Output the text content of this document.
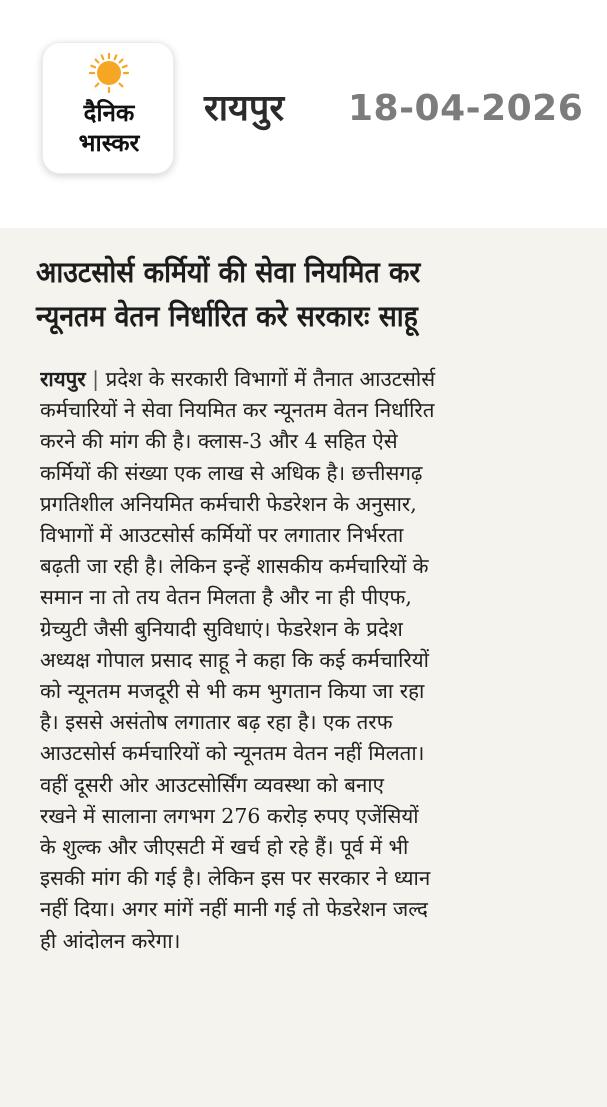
दैनिक
भास्कर
रायपुर 18-04-2026
आउटसोर्स कर्मियों की सेवा नियमित कर
न्यूनतम वेतन निर्धारित करे सरकारः साहू
रायपुर | प्रदेश के सरकारी विभागों में तैनात आउटसोर्स
कर्मचारियों ने सेवा नियमित कर न्यूनतम वेतन निर्धारित
करने की मांग की है। क्लास-3 और 4 सहित ऐसे
कर्मियों की संख्या एक लाख से अधिक है। छत्तीसगढ़
प्रगतिशील अनियमित कर्मचारी फेडरेशन के अनुसार,
विभागों में आउटसोर्स कर्मियों पर लगातार निर्भरता
बढ़ती जा रही है। लेकिन इन्हें शासकीय कर्मचारियों के
समान ना तो तय वेतन मिलता है और ना ही पीएफ,
ग्रेच्युटी जैसी बुनियादी सुविधाएं। फेडरेशन के प्रदेश
अध्यक्ष गोपाल प्रसाद साहू ने कहा कि कई कर्मचारियों
को न्यूनतम मजदूरी से भी कम भुगतान किया जा रहा
है। इससे असंतोष लगातार बढ़ रहा है। एक तरफ
आउटसोर्स कर्मचारियों को न्यूनतम वेतन नहीं मिलता।
वहीं दूसरी ओर आउटसोर्सिंग व्यवस्था को बनाए
रखने में सालाना लगभग 276 करोड़ रुपए एजेंसियों
के शुल्क और जीएसटी में खर्च हो रहे हैं। पूर्व में भी
इसकी मांग की गई है। लेकिन इस पर सरकार ने ध्यान
नहीं दिया। अगर मांगें नहीं मानी गई तो फेडरेशन जल्द
ही आंदोलन करेगा।
